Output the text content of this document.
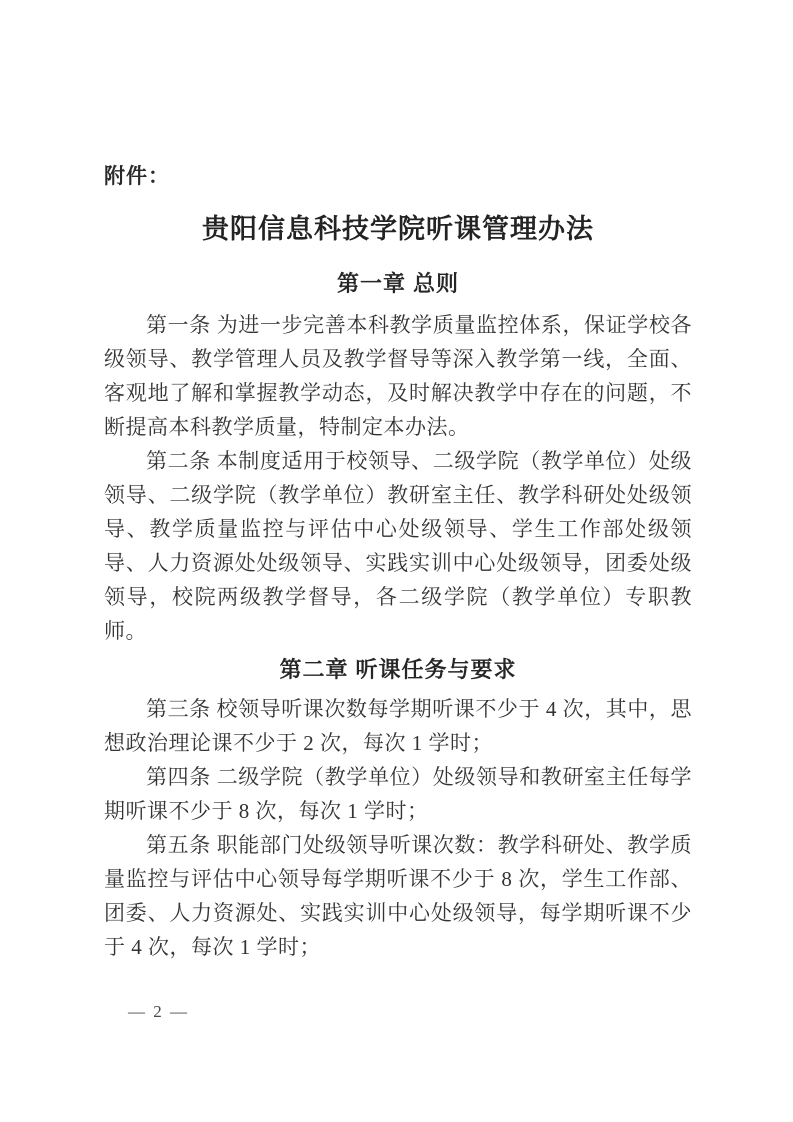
附件：
贵阳信息科技学院听课管理办法
第一章 总则

第一条 为进一步完善本科教学质量监控体系，保证学校各级领导、教学管理人员及教学督导等深入教学第一线，全面、客观地了解和掌握教学动态，及时解决教学中存在的问题，不断提高本科教学质量，特制定本办法。

第二条 本制度适用于校领导、二级学院（教学单位）处级领导、二级学院（教学单位）教研室主任、教学科研处处级领导、教学质量监控与评估中心处级领导、学生工作部处级领导、人力资源处处级领导、实践实训中心处级领导，团委处级领导，校院两级教学督导，各二级学院（教学单位）专职教师。

第二章 听课任务与要求

第三条 校领导听课次数每学期听课不少于 4 次，其中，思想政治理论课不少于 2 次，每次 1 学时；

第四条 二级学院（教学单位）处级领导和教研室主任每学期听课不少于 8 次，每次 1 学时；

第五条 职能部门处级领导听课次数：教学科研处、教学质量监控与评估中心领导每学期听课不少于 8 次，学生工作部、团委、人力资源处、实践实训中心处级领导，每学期听课不少于 4 次，每次 1 学时；

— 2 —
